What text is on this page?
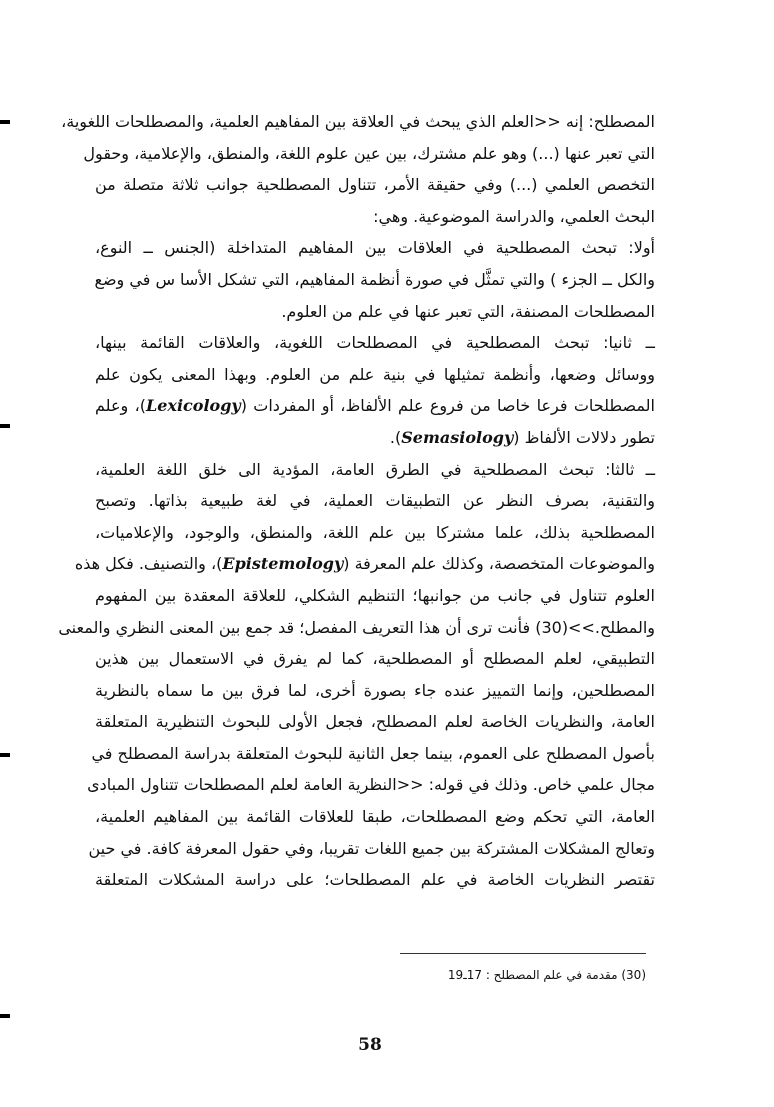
المصطلح: إنه <<العلم الذي يبحث في العلاقة بين المفاهيم العلمية، والمصطلحات اللغوية،
التي تعبر عنها (...) وهو علم مشترك، بين عين علوم اللغة، والمنطق، والإعلامية، وحقول
التخصص العلمي (...) وفي حقيقة الأمر، تتناول المصطلحية جوانب ثلاثة متصلة من
البحث العلمي، والدراسة الموضوعية. وهي:
أولا: تبحث المصطلحية في العلاقات بين المفاهيم المتداخلة (الجنس ــ النوع،
والكل ــ الجزء ) والتي تمثَّل في صورة أنظمة المفاهيم، التي تشكل الأسا س في وضع
المصطلحات المصنفة، التي تعبر عنها في علم من العلوم.
ــ ثانيا: تبحث المصطلحية في المصطلحات اللغوية، والعلاقات القائمة بينها،
ووسائل وضعها، وأنظمة تمثيلها في بنية علم من العلوم. وبهذا المعنى يكون علم
المصطلحات فرعا خاصا من فروع علم الألفاظ، أو المفردات (Lexicology)، وعلم
تطور دلالات الألفاظ (Semasiology).
ــ ثالثا: تبحث المصطلحية في الطرق العامة، المؤدية الى خلق اللغة العلمية،
والتقنية، بصرف النظر عن التطبيقات العملية، في لغة طبيعية بذاتها. وتصبح
المصطلحية بذلك، علما مشتركا بين علم اللغة، والمنطق، والوجود، والإعلاميات،
والموضوعات المتخصصة، وكذلك علم المعرفة (Epistemology)، والتصنيف. فكل هذه
العلوم تتناول في جانب من جوانبها؛ التنظيم الشكلي، للعلاقة المعقدة بين المفهوم
والمطلح.>>(30) فأنت ترى أن هذا التعريف المفصل؛ قد جمع بين المعنى النظري والمعنى
التطبيقي، لعلم المصطلح أو المصطلحية، كما لم يفرق في الاستعمال بين هذين
المصطلحين، وإنما التمييز عنده جاء بصورة أخرى، لما فرق بين ما سماه بالنظرية
العامة، والنظريات الخاصة لعلم المصطلح، فجعل الأولى للبحوث التنظيرية المتعلقة
بأصول المصطلح على العموم، بينما جعل الثانية للبحوث المتعلقة بدراسة المصطلح في
مجال علمي خاص. وذلك في قوله: <<النظرية العامة لعلم المصطلحات تتناول المبادى
العامة، التي تحكم وضع المصطلحات، طبقا للعلاقات القائمة بين المفاهيم العلمية،
وتعالج المشكلات المشتركة بين جميع اللغات تقريبا، وفي حقول المعرفة كافة. في حين
تقتصر النظريات الخاصة في علم المصطلحات؛ على دراسة المشكلات المتعلقة
(30) مقدمة في علم المصطلح : 17ـ19
58
